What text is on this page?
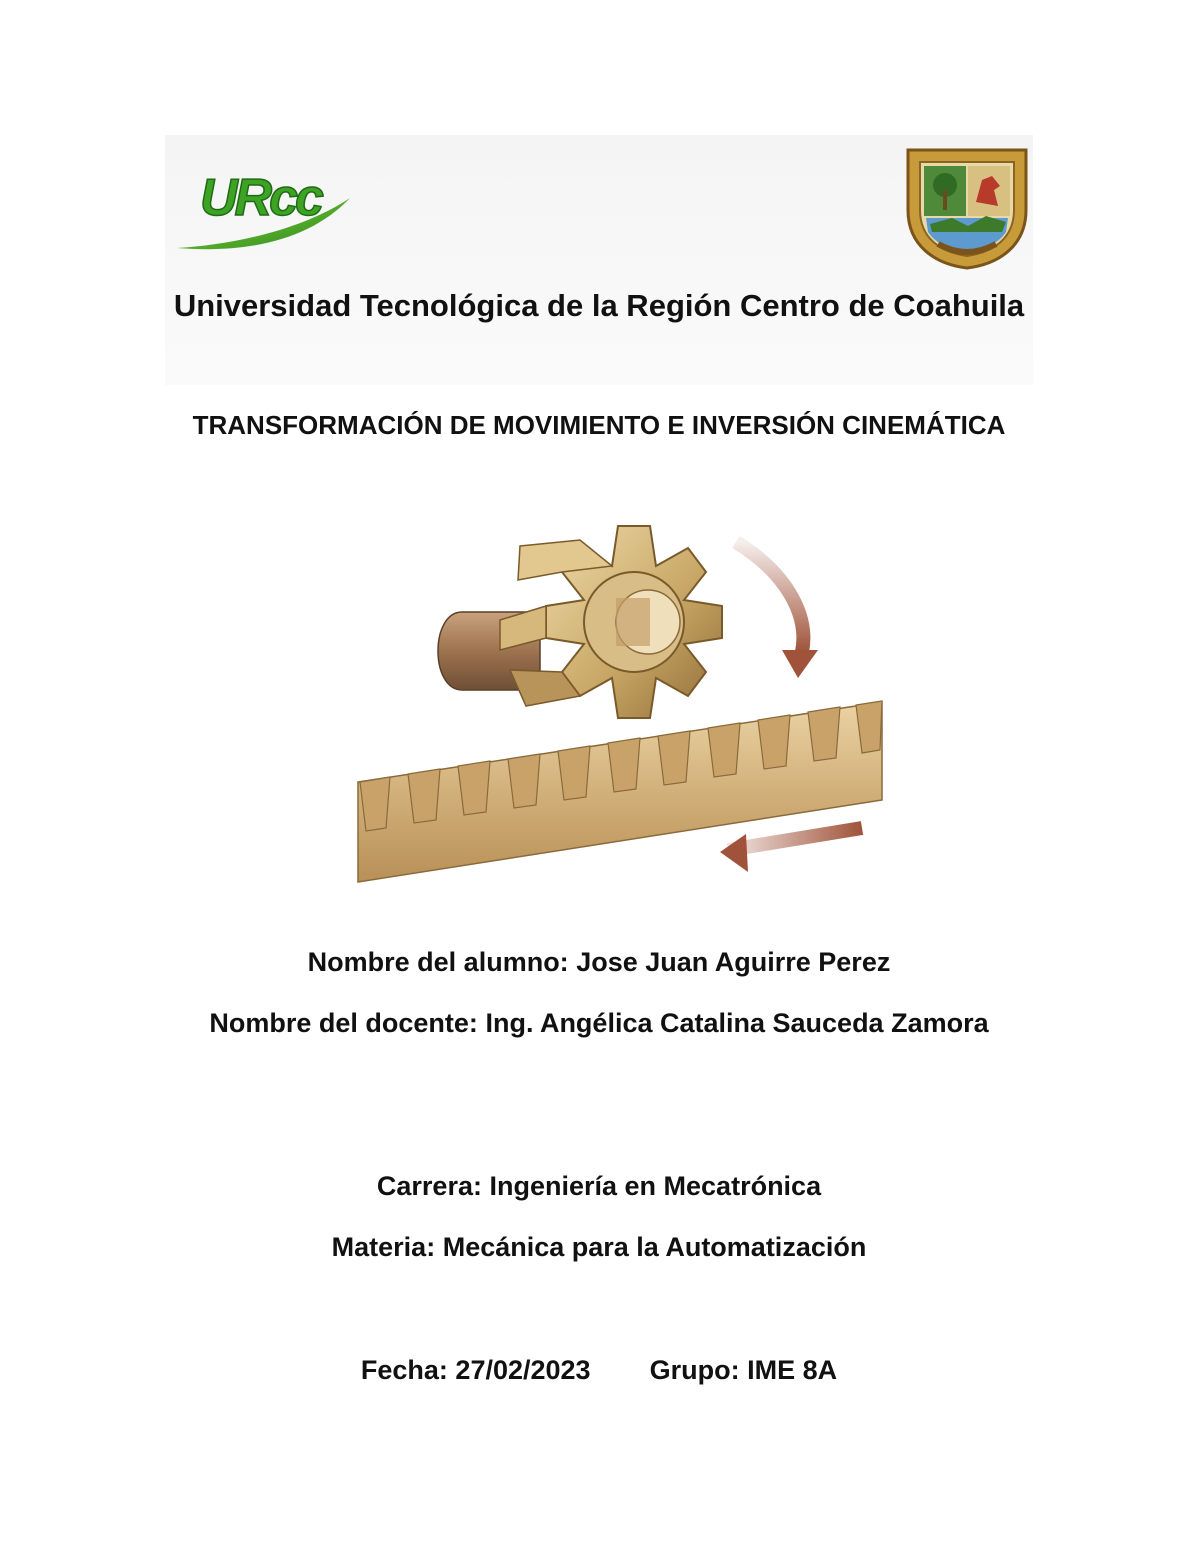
URcc
Universidad Tecnológica de la Región Centro de Coahuila
TRANSFORMACIÓN DE MOVIMIENTO E INVERSIÓN CINEMÁTICA
Nombre del alumno: Jose Juan Aguirre Perez
Nombre del docente: Ing. Angélica Catalina Sauceda Zamora
Carrera: Ingeniería en Mecatrónica
Materia: Mecánica para la Automatización
Fecha: 27/02/2023 Grupo: IME 8A
